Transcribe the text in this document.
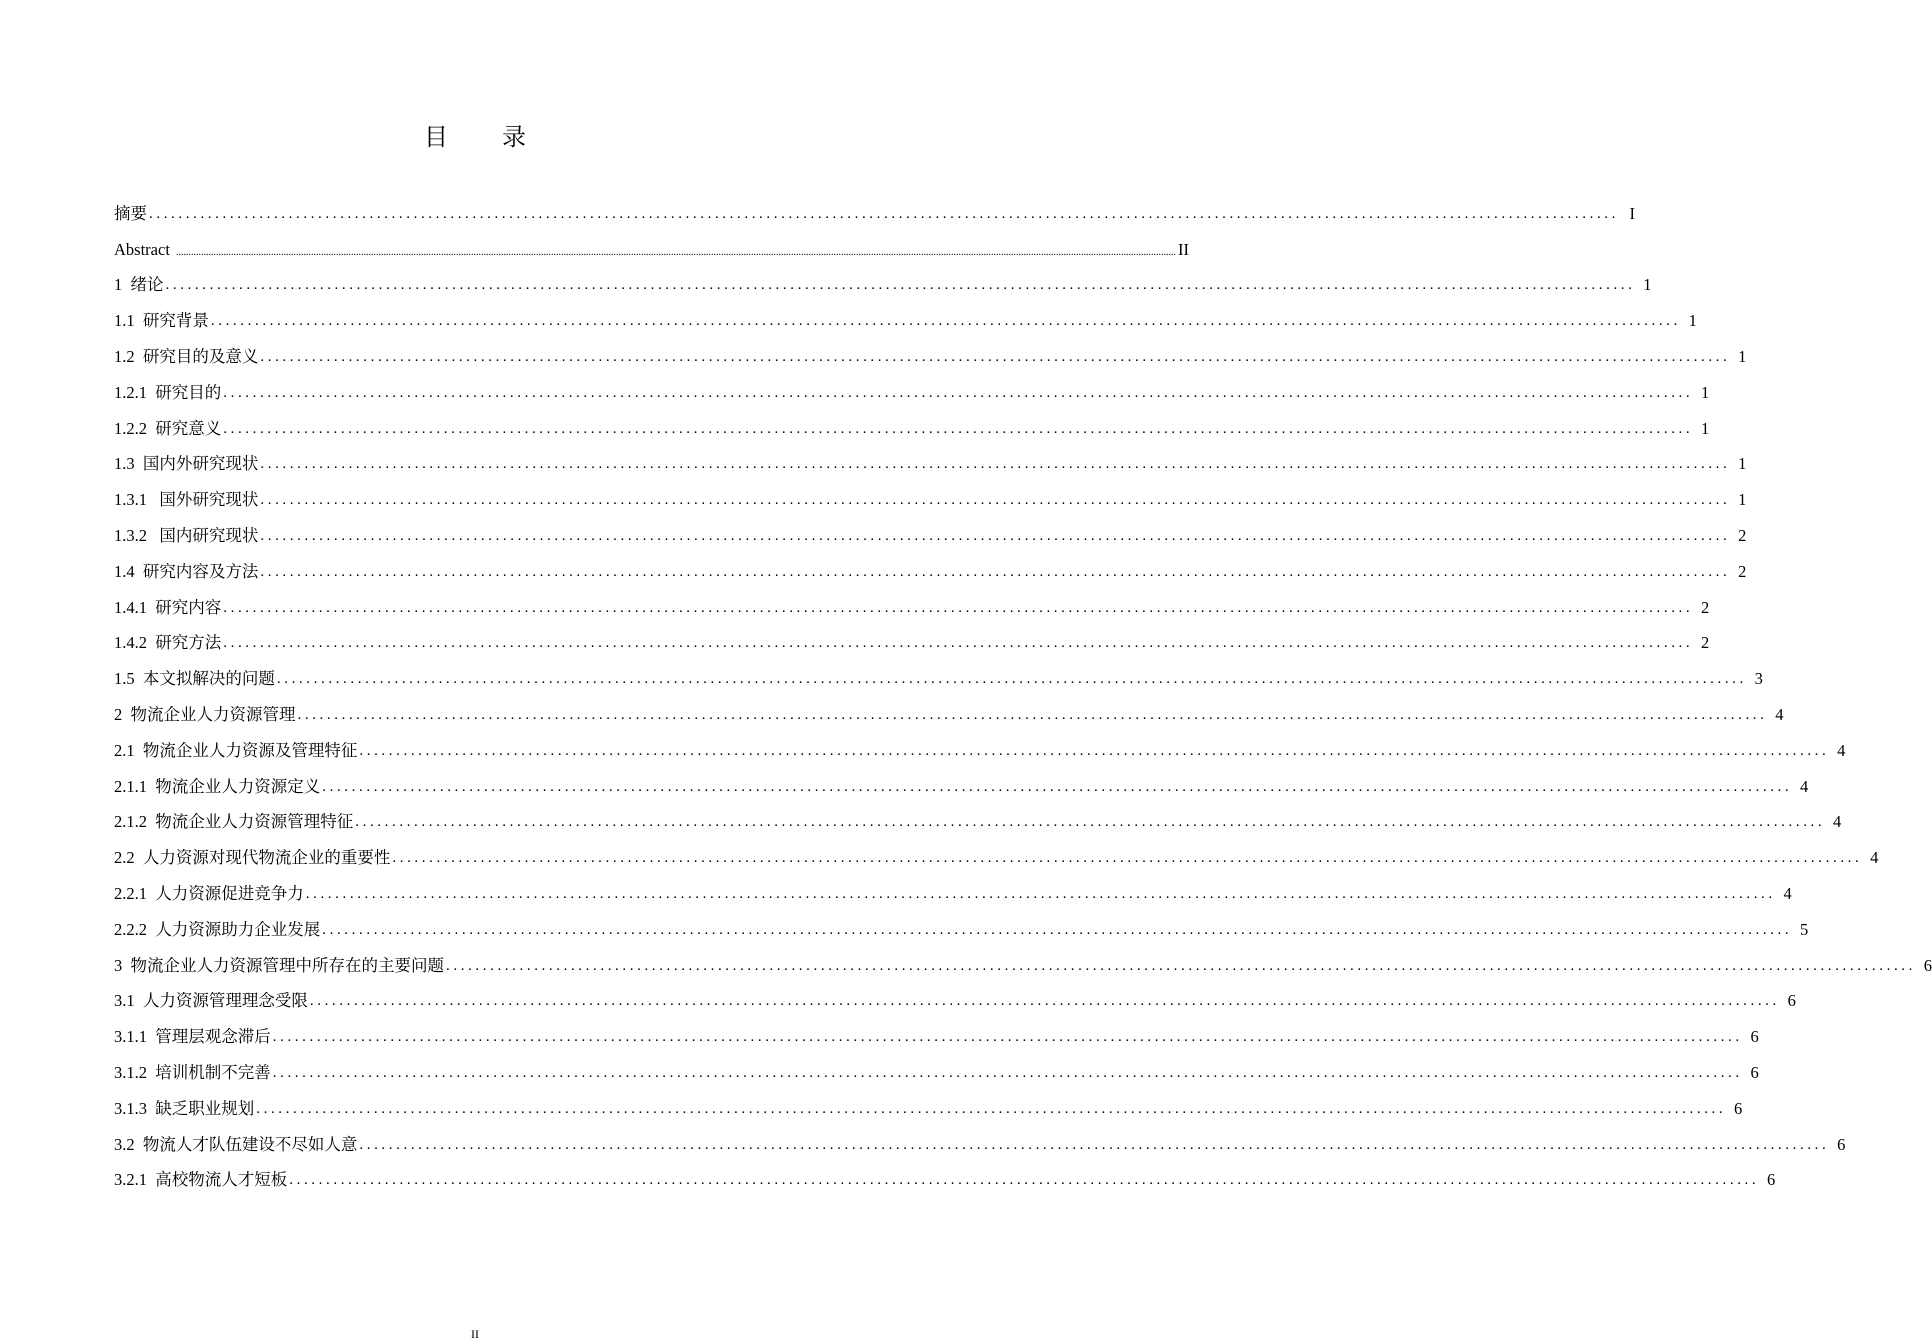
目 录
摘要 ........................................................................................................................................................................................................ I
Abstract ................................................................................................................................................................................................................................................................................................................................................................................................................ II
1  绪论 ........................................................................................................................................................................................................ 1
1.1  研究背景 ........................................................................................................................................................................................................ 1
1.2  研究目的及意义 ........................................................................................................................................................................................................ 1
1.2.1  研究目的 ........................................................................................................................................................................................................ 1
1.2.2  研究意义 ........................................................................................................................................................................................................ 1
1.3  国内外研究现状 ........................................................................................................................................................................................................ 1
1.3.1   国外研究现状 ........................................................................................................................................................................................................ 1
1.3.2   国内研究现状 ........................................................................................................................................................................................................ 2
1.4  研究内容及方法 ........................................................................................................................................................................................................ 2
1.4.1  研究内容 ........................................................................................................................................................................................................ 2
1.4.2  研究方法 ........................................................................................................................................................................................................ 2
1.5  本文拟解决的问题 ........................................................................................................................................................................................................ 3
2  物流企业人力资源管理 ........................................................................................................................................................................................................ 4
2.1  物流企业人力资源及管理特征 ........................................................................................................................................................................................................ 4
2.1.1  物流企业人力资源定义 ........................................................................................................................................................................................................ 4
2.1.2  物流企业人力资源管理特征 ........................................................................................................................................................................................................ 4
2.2  人力资源对现代物流企业的重要性 ........................................................................................................................................................................................................ 4
2.2.1  人力资源促进竞争力 ........................................................................................................................................................................................................ 4
2.2.2  人力资源助力企业发展 ........................................................................................................................................................................................................ 5
3  物流企业人力资源管理中所存在的主要问题 ........................................................................................................................................................................................................ 6
3.1  人力资源管理理念受限 ........................................................................................................................................................................................................ 6
3.1.1  管理层观念滞后 ........................................................................................................................................................................................................ 6
3.1.2  培训机制不完善 ........................................................................................................................................................................................................ 6
3.1.3  缺乏职业规划 ........................................................................................................................................................................................................ 6
3.2  物流人才队伍建设不尽如人意 ........................................................................................................................................................................................................ 6
3.2.1  高校物流人才短板 ........................................................................................................................................................................................................ 6
II
